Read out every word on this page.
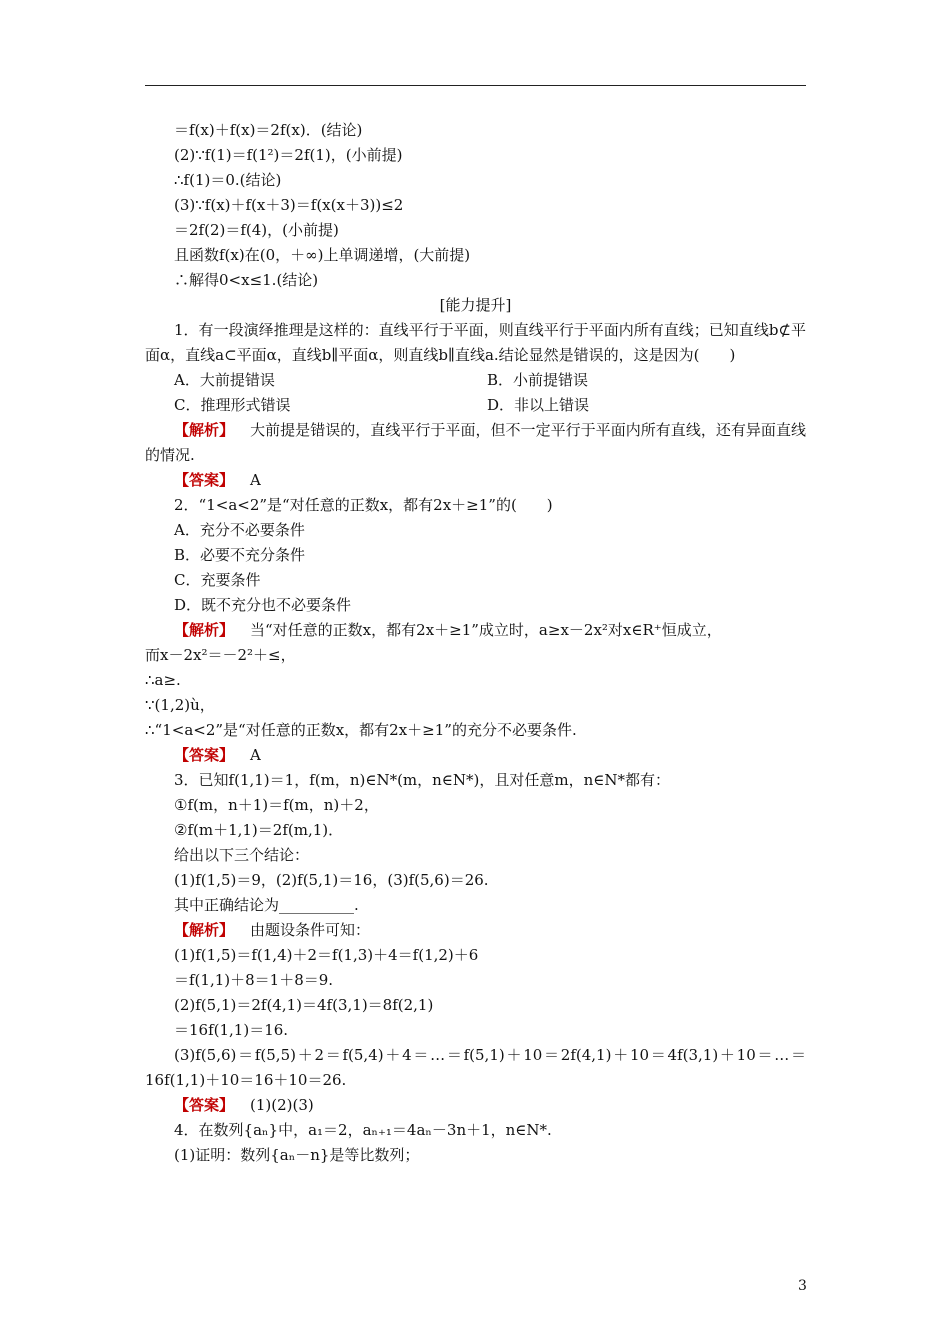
＝f(x)＋f(x)＝2f(x)．(结论)
(2)∵f(1)＝f(1²)＝2f(1)，(小前提)
∴f(1)＝0.(结论)
(3)∵f(x)＋f(x＋3)＝f(x(x＋3))≤2
＝2f(2)＝f(4)，(小前提)
且函数f(x)在(0，＋∞)上单调递增，(大前提)
∴解得0<x≤1.(结论)
[能力提升]
1．有一段演绎推理是这样的：直线平行于平面，则直线平行于平面内所有直线；已知直线b⊄平面α，直线a⊂平面α，直线b∥平面α，则直线b∥直线a.结论显然是错误的，这是因为(　　)
A．大前提错误	B．小前提错误
C．推理形式错误	D．非以上错误
【解析】 大前提是错误的，直线平行于平面，但不一定平行于平面内所有直线，还有异面直线的情况.
【答案】 A
2．“1<a<2”是“对任意的正数x，都有2x＋≥1”的(　　)
A．充分不必要条件
B．必要不充分条件
C．充要条件
D．既不充分也不必要条件
【解析】 当“对任意的正数x，都有2x＋≥1”成立时，a≥x－2x²对x∈R⁺恒成立，
而x－2x²＝－2²＋≤，
∴a≥.
∵(1,2)ù，
∴“1<a<2”是“对任意的正数x，都有2x＋≥1”的充分不必要条件.
【答案】 A
3．已知f(1,1)＝1，f(m，n)∈N*(m，n∈N*)，且对任意m，n∈N*都有：
①f(m，n＋1)＝f(m，n)＋2，
②f(m＋1,1)＝2f(m,1)．
给出以下三个结论：
(1)f(1,5)＝9，(2)f(5,1)＝16，(3)f(5,6)＝26.
其中正确结论为__________.
【解析】 由题设条件可知：
(1)f(1,5)＝f(1,4)＋2＝f(1,3)＋4＝f(1,2)＋6
＝f(1,1)＋8＝1＋8＝9.
(2)f(5,1)＝2f(4,1)＝4f(3,1)＝8f(2,1)
＝16f(1,1)＝16.
(3)f(5,6)＝f(5,5)＋2＝f(5,4)＋4＝…＝f(5,1)＋10＝2f(4,1)＋10＝4f(3,1)＋10＝…＝16f(1,1)＋10＝16＋10＝26.
【答案】 (1)(2)(3)
4．在数列{aₙ}中，a₁＝2，aₙ₊₁＝4aₙ－3n＋1，n∈N*.
(1)证明：数列{aₙ－n}是等比数列；
3
